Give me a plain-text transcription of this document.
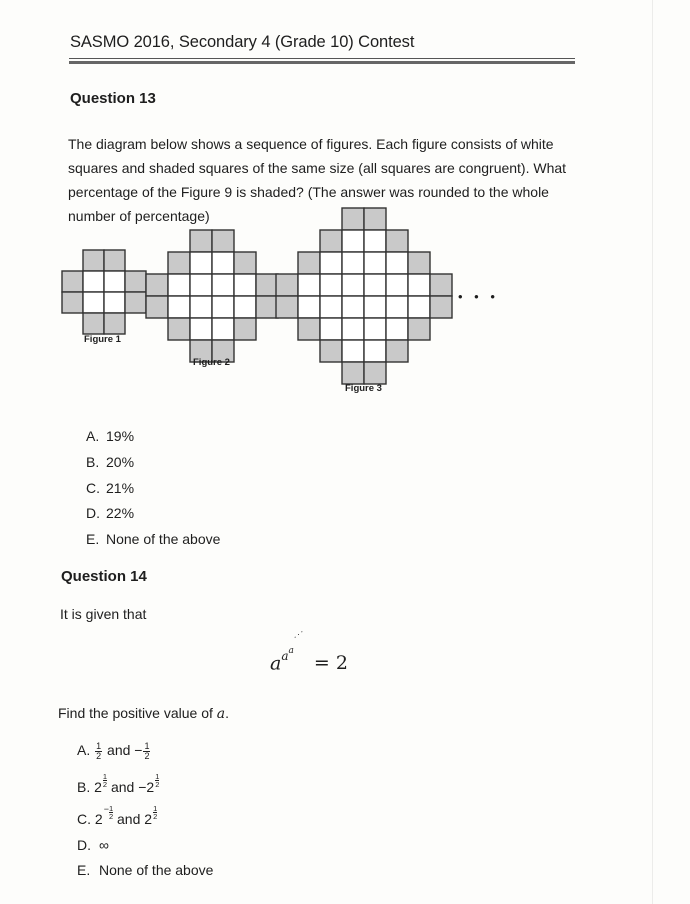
SASMO 2016, Secondary 4 (Grade 10) Contest
Question 13

The diagram below shows a sequence of figures. Each figure consists of white
squares and shaded squares of the same size (all squares are congruent). What
percentage of the Figure 9 is shaded? (The answer was rounded to the whole
number of percentage)

Figure 1
Figure 2
Figure 3
• • •
A. 19%
B. 20%
C. 21%
D. 22%
E. None of the above
Question 14
It is given that
$a^{a^{a⋰}}= 2$
Find the positive value of a.
A. $\frac{1}{2}$ and − $\frac{1}{2}$
B. 2
1
2 and − 2
1
2
C. 2
− $\frac{1}{2}$ and 2
1
2
D. ∞
E. None of the above
